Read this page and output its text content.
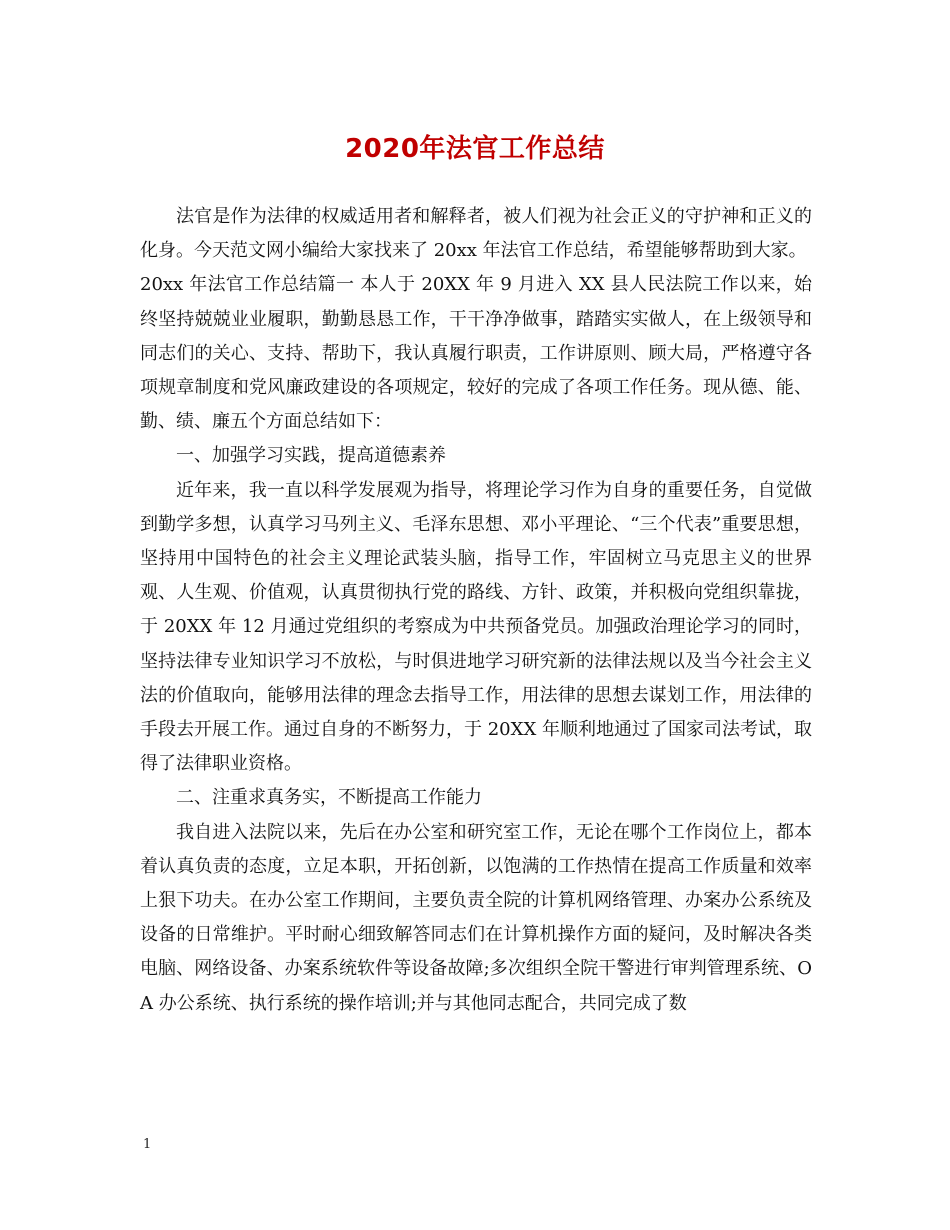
2020年法官工作总结

法官是作为法律的权威适用者和解释者，被人们视为社会正义的守护神和正义的化身。今天范文网小编给大家找来了 20xx 年法官工作总结，希望能够帮助到大家。

20xx 年法官工作总结篇一 本人于 20XX 年 9 月进入 XX 县人民法院工作以来，始终坚持兢兢业业履职，勤勤恳恳工作，干干净净做事，踏踏实实做人，在上级领导和同志们的关心、支持、帮助下，我认真履行职责，工作讲原则、顾大局，严格遵守各项规章制度和党风廉政建设的各项规定，较好的完成了各项工作任务。现从德、能、勤、绩、廉五个方面总结如下：

一、加强学习实践，提高道德素养

近年来，我一直以科学发展观为指导，将理论学习作为自身的重要任务，自觉做到勤学多想，认真学习马列主义、毛泽东思想、邓小平理论、“三个代表”重要思想，坚持用中国特色的社会主义理论武装头脑，指导工作，牢固树立马克思主义的世界观、人生观、价值观，认真贯彻执行党的路线、方针、政策，并积极向党组织靠拢，于 20XX 年 12 月通过党组织的考察成为中共预备党员。加强政治理论学习的同时，坚持法律专业知识学习不放松，与时俱进地学习研究新的法律法规以及当今社会主义法的价值取向，能够用法律的理念去指导工作，用法律的思想去谋划工作，用法律的手段去开展工作。通过自身的不断努力，于 20XX 年顺利地通过了国家司法考试，取得了法律职业资格。

二、注重求真务实，不断提高工作能力

我自进入法院以来，先后在办公室和研究室工作，无论在哪个工作岗位上，都本着认真负责的态度，立足本职，开拓创新，以饱满的工作热情在提高工作质量和效率上狠下功夫。在办公室工作期间，主要负责全院的计算机网络管理、办案办公系统及设备的日常维护。平时耐心细致解答同志们在计算机操作方面的疑问，及时解决各类电脑、网络设备、办案系统软件等设备故障;多次组织全院干警进行审判管理系统、OA 办公系统、执行系统的操作培训;并与其他同志配合，共同完成了数

1
